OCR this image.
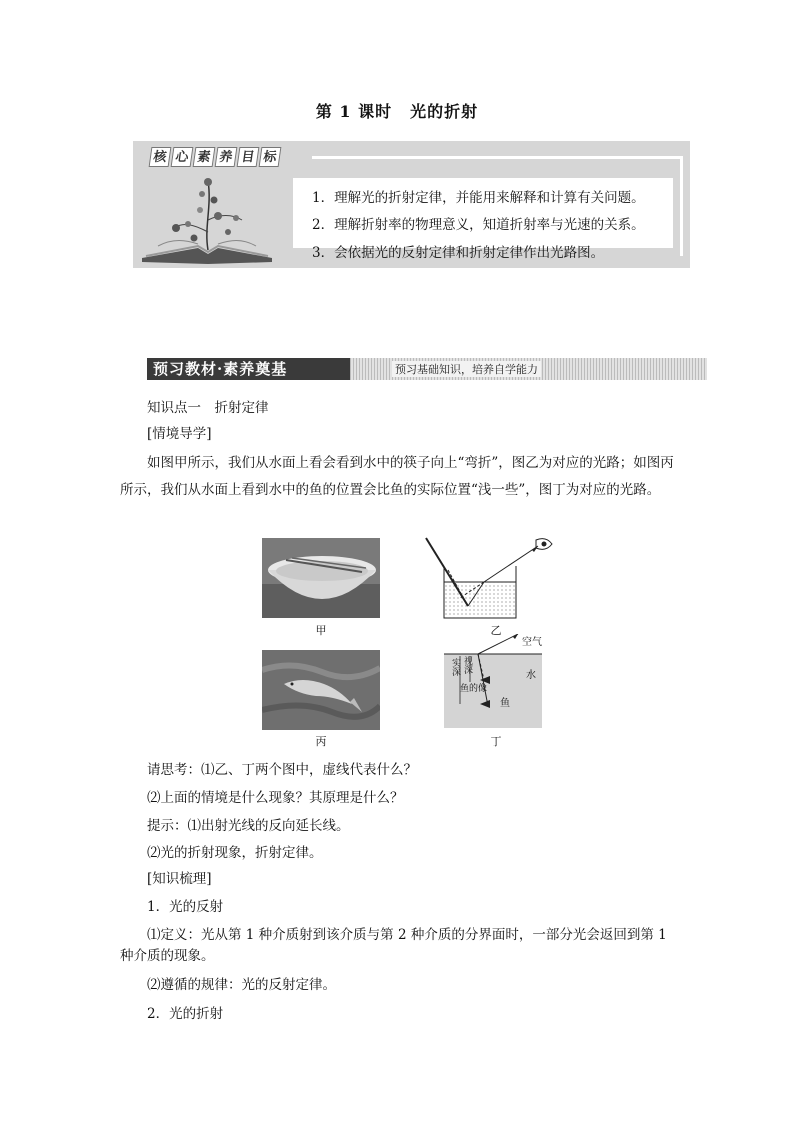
第 1 课时 光的折射
核 心 素 养 目 标
1．理解光的折射定律，并能用来解释和计算有关问题。
2．理解折射率的物理意义，知道折射率与光速的关系。
3．会依据光的反射定律和折射定律作出光路图。
预习教材·素养奠基	预习基础知识，培养自学能力
知识点一　折射定律
[情境导学]
如图甲所示，我们从水面上看会看到水中的筷子向上“弯折”，图乙为对应的光路；如图丙所示，我们从水面上看到水中的鱼的位置会比鱼的实际位置“浅一些”，图丁为对应的光路。
甲	乙
丙
空气
水
实深 视深
鱼的像
鱼
丁
请思考：⑴乙、丁两个图中，虚线代表什么？
⑵上面的情境是什么现象？其原理是什么？
提示：⑴出射光线的反向延长线。
⑵光的折射现象，折射定律。
[知识梳理]
1．光的反射
⑴定义：光从第 1 种介质射到该介质与第 2 种介质的分界面时，一部分光会返回到第 1
种介质的现象。
⑵遵循的规律：光的反射定律。
2．光的折射
